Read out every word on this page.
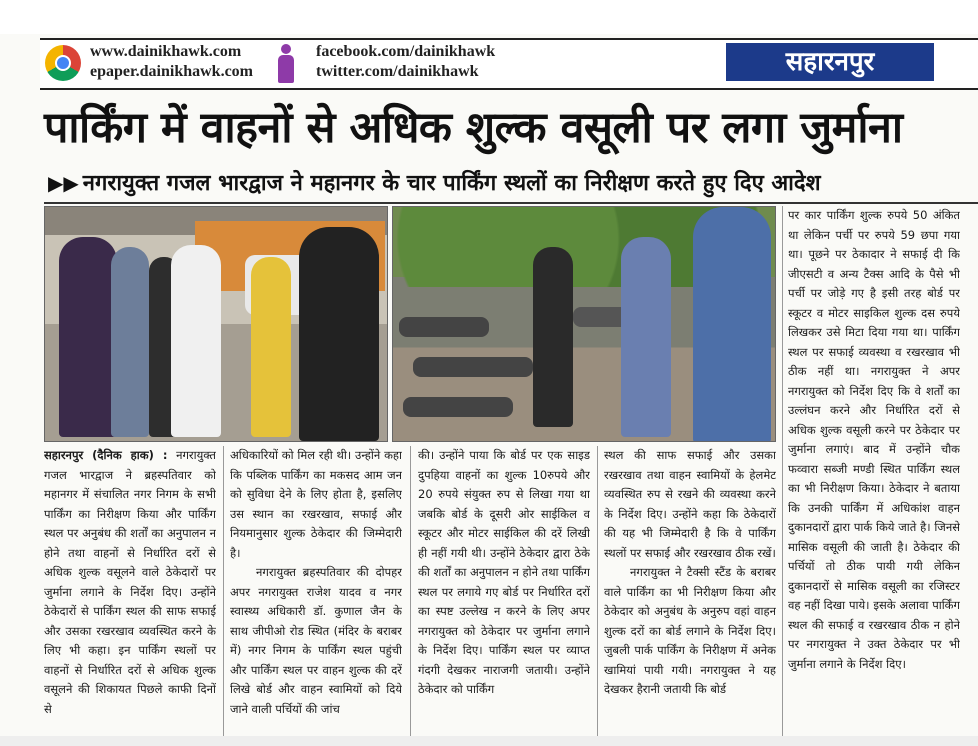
www.dainikhawk.com
epaper.dainikhawk.com
facebook.com/dainikhawk
twitter.com/dainikhawk	सहारनपुर
पार्किंग में वाहनों से अधिक शुल्क वसूली पर लगा जुर्माना
▶▶ नगरायुक्त गजल भारद्वाज ने महानगर के चार पार्किंग स्थलों का निरीक्षण करते हुए दिए आदेश

सहारनपुर (दैनिक हाक) : नगरायुक्त गजल भारद्वाज ने ब्रहस्पतिवार को महानगर में संचालित नगर निगम के सभी पार्किंग का निरीक्षण किया और पार्किंग स्थल पर अनुबंध की शर्तों का अनुपालन न होने तथा वाहनों से निर्धारित दरों से अधिक शुल्क वसूलने वाले ठेकेदारों पर जुर्माना लगाने के निर्देश दिए। उन्होंने ठेकेदारों से पार्किंग स्थल की साफ सफाई और उसका रखरखाव व्यवस्थित करने के लिए भी कहा। इन पार्किंग स्थलों पर वाहनों से निर्धारित दरों से अधिक शुल्क वसूलने की शिकायत पिछले काफी दिनों से

अधिकारियों को मिल रही थी। उन्होंने कहा कि पब्लिक पार्किंग का मकसद आम जन को सुविधा देने के लिए होता है, इसलिए उस स्थान का रखरखाव, सफाई और नियमानुसार शुल्क ठेकेदार की जिम्मेदारी है।

नगरायुक्त ब्रहस्पतिवार की दोपहर अपर नगरायुक्त राजेश यादव व नगर स्वास्थ्य अधिकारी डॉ. कुणाल जैन के साथ जीपीओ रोड स्थित (मंदिर के बराबर में) नगर निगम के पार्किंग स्थल पहुंची और पार्किंग स्थल पर वाहन शुल्क की दरें लिखे बोर्ड और वाहन स्वामियों को दिये जाने वाली पर्चियों की जांच

की। उन्होंने पाया कि बोर्ड पर एक साइड दुपहिया वाहनों का शुल्क 10रुपये और 20 रुपये संयुक्त रुप से लिखा गया था जबकि बोर्ड के दूसरी ओर साईकिल व स्कूटर और मोटर साईकिल की दरें लिखी ही नहीं गयी थी। उन्होंने ठेकेदार द्वारा ठेके की शर्तों का अनुपालन न होने तथा पार्किंग स्थल पर लगाये गए बोर्ड पर निर्धारित दरों का स्पष्ट उल्लेख न करने के लिए अपर नगरायुक्त को ठेकेदार पर जुर्माना लगाने के निर्देश दिए। पार्किंग स्थल पर व्याप्त गंदगी देखकर नाराजगी जतायी। उन्होंने ठेकेदार को पार्किंग

स्थल की साफ सफाई और उसका रखरखाव तथा वाहन स्वामियों के हेलमेट व्यवस्थित रुप से रखने की व्यवस्था करने के निर्देश दिए। उन्होंने कहा कि ठेकेदारों की यह भी जिम्मेदारी है कि वे पार्किंग स्थलों पर सफाई और रखरखाव ठीक रखें।

नगरायुक्त ने टैक्सी स्टैंड के बराबर वाले पार्किंग का भी निरीक्षण किया और ठेकेदार को अनुबंध के अनुरुप वहां वाहन शुल्क दरों का बोर्ड लगाने के निर्देश दिए। जुबली पार्क पार्किंग के निरीक्षण में अनेक खामियां पायी गयी। नगरायुक्त ने यह देखकर हैरानी जतायी कि बोर्ड

पर कार पार्किंग शुल्क रुपये 50 अंकित था लेकिन पर्ची पर रुपये 59 छपा गया था। पूछने पर ठेकादार ने सफाई दी कि जीएसटी व अन्य टैक्स आदि के पैसे भी पर्ची पर जोड़े गए है इसी तरह बोर्ड पर स्कूटर व मोटर साइकिल शुल्क दस रुपये लिखकर उसे मिटा दिया गया था। पार्किंग स्थल पर सफाई व्यवस्था व रखरखाव भी ठीक नहीं था। नगरायुक्त ने अपर नगरायुक्त को निर्देश दिए कि वे शर्तों का उल्लंघन करने और निर्धारित दरों से अधिक शुल्क वसूली करने पर ठेकेदार पर जुर्माना लगाएं। बाद में उन्होंने चौक फव्वारा सब्जी मण्डी स्थित पार्किंग स्थल का भी निरीक्षण किया। ठेकेदार ने बताया कि उनकी पार्किंग में अधिकांश वाहन दुकानदारों द्वारा पार्क किये जाते है। जिनसे मासिक वसूली की जाती है। ठेकेदार की पर्चियों तो ठीक पायी गयी लेकिन दुकानदारों से मासिक वसूली का रजिस्टर वह नहीं दिखा पाये। इसके अलावा पार्किंग स्थल की सफाई व रखरखाव ठीक न होने पर नगरायुक्त ने उक्त ठेकेदार पर भी जुर्माना लगाने के निर्देश दिए।
